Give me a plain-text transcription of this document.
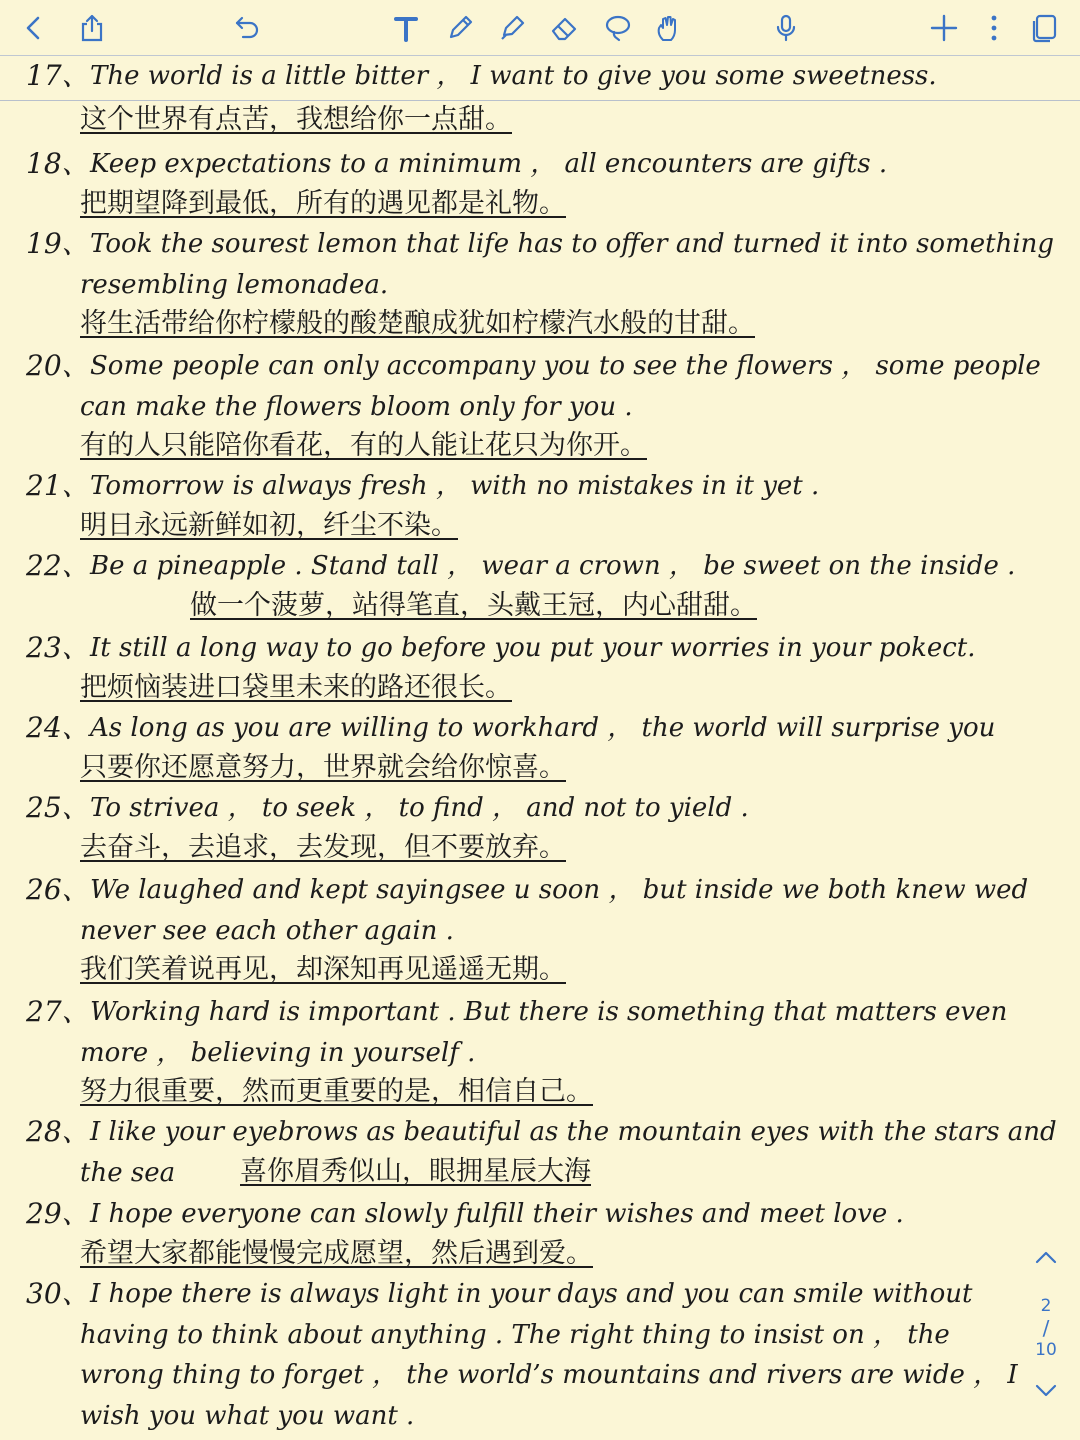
17、 The world is a little bitter ， I want to give you some sweetness.
这个世界有点苦，我想给你一点甜。
18、 Keep expectations to a minimum ， all encounters are gifts .
把期望降到最低，所有的遇见都是礼物。
19、 Took the sourest lemon that life has to offer and turned it into something resembling lemonadea.
将生活带给你柠檬般的酸楚酿成犹如柠檬汽水般的甘甜。
20、 Some people can only accompany you to see the flowers ， some people can make the flowers bloom only for you .
有的人只能陪你看花，有的人能让花只为你开。
21、 Tomorrow is always fresh ， with no mistakes in it yet .
明日永远新鲜如初，纤尘不染。
22、 Be a pineapple . Stand tall ， wear a crown ， be sweet on the inside .
做一个菠萝，站得笔直，头戴王冠，内心甜甜。
23、 It still a long way to go before you put your worries in your pokect.
把烦恼装进口袋里未来的路还很长。
24、 As long as you are willing to workhard ， the world will surprise you
只要你还愿意努力，世界就会给你惊喜。
25、 To strivea ， to seek ， to find ， and not to yield .
去奋斗，去追求，去发现，但不要放弃。
26、 We laughed and kept sayingsee u soon ， but inside we both knew wed never see each other again .
我们笑着说再见，却深知再见遥遥无期。
27、 Working hard is important . But there is something that matters even more ， believing in yourself .
努力很重要，然而更重要的是，相信自己。
28、 I like your eyebrows as beautiful as the mountain eyes with the stars and the sea	喜你眉秀似山，眼拥星辰大海
29、 I hope everyone can slowly fulfill their wishes and meet love .
希望大家都能慢慢完成愿望，然后遇到爱。
30、 I hope there is always light in your days and you can smile without having to think about anything . The right thing to insist on ， the wrong thing to forget ， the world’s mountains and rivers are wide ， I wish you what you want .
2
/
10
